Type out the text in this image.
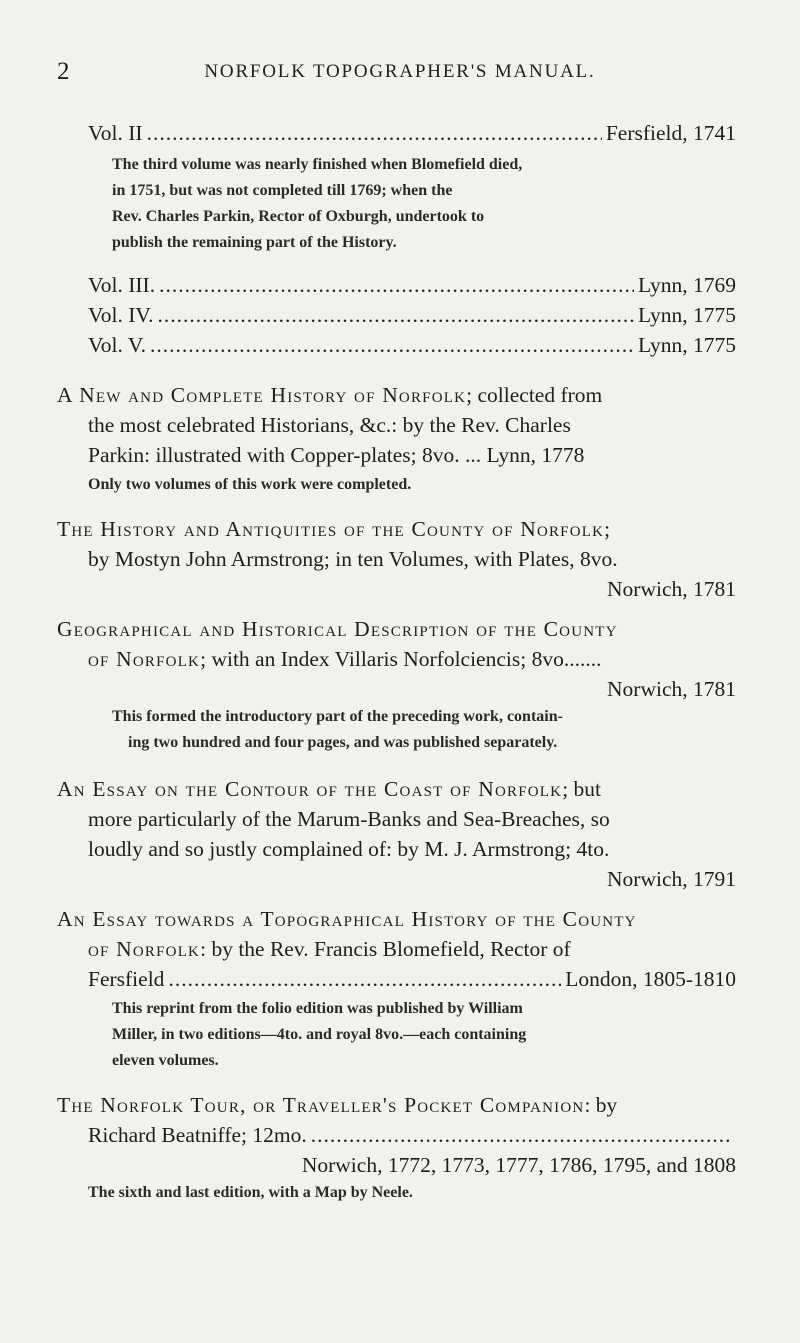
2	NORFOLK TOPOGRAPHER'S MANUAL.
Vol. II .....	Fersfield, 1741
The third volume was nearly finished when Blomefield died,
in 1751, but was not completed till 1769; when the
Rev. Charles Parkin, Rector of Oxburgh, undertook to
publish the remaining part of the History.
Vol. III. .....	Lynn, 1769
Vol. IV. .....	Lynn, 1775
Vol. V. .....	Lynn, 1775
A New and Complete History of Norfolk ; collected from
the most celebrated Historians, &c.: by the Rev. Charles
Parkin: illustrated with Copper-plates; 8vo. ... Lynn, 1778
Only two volumes of this work were completed.
The History and Antiquities of the County of Norfolk ;
by Mostyn John Armstrong; in ten Volumes, with Plates, 8vo.
Norwich, 1781
Geographical and Historical Description of the County
of Norfolk ; with an Index Villaris Norfolciencis; 8vo.......
Norwich, 1781
This formed the introductory part of the preceding work, contain-
ing two hundred and four pages, and was published separately.
An Essay on the Contour of the Coast of Norfolk ; but
more particularly of the Marum-Banks and Sea-Breaches, so
loudly and so justly complained of: by M. J. Armstrong; 4to.
Norwich, 1791
An Essay towards a Topographical History of the County
of Norfolk : by the Rev. Francis Blomefield, Rector of
Fersfield .....	London, 1805-1810
This reprint from the folio edition was published by William
Miller, in two editions—4to. and royal 8vo.—each containing
eleven volumes.
The Norfolk Tour, or Traveller's Pocket Companion : by
Richard Beatniffe; 12mo.
.....
Norwich, 1772, 1773, 1777, 1786, 1795, and 1808
The sixth and last edition, with a Map by Neele.
